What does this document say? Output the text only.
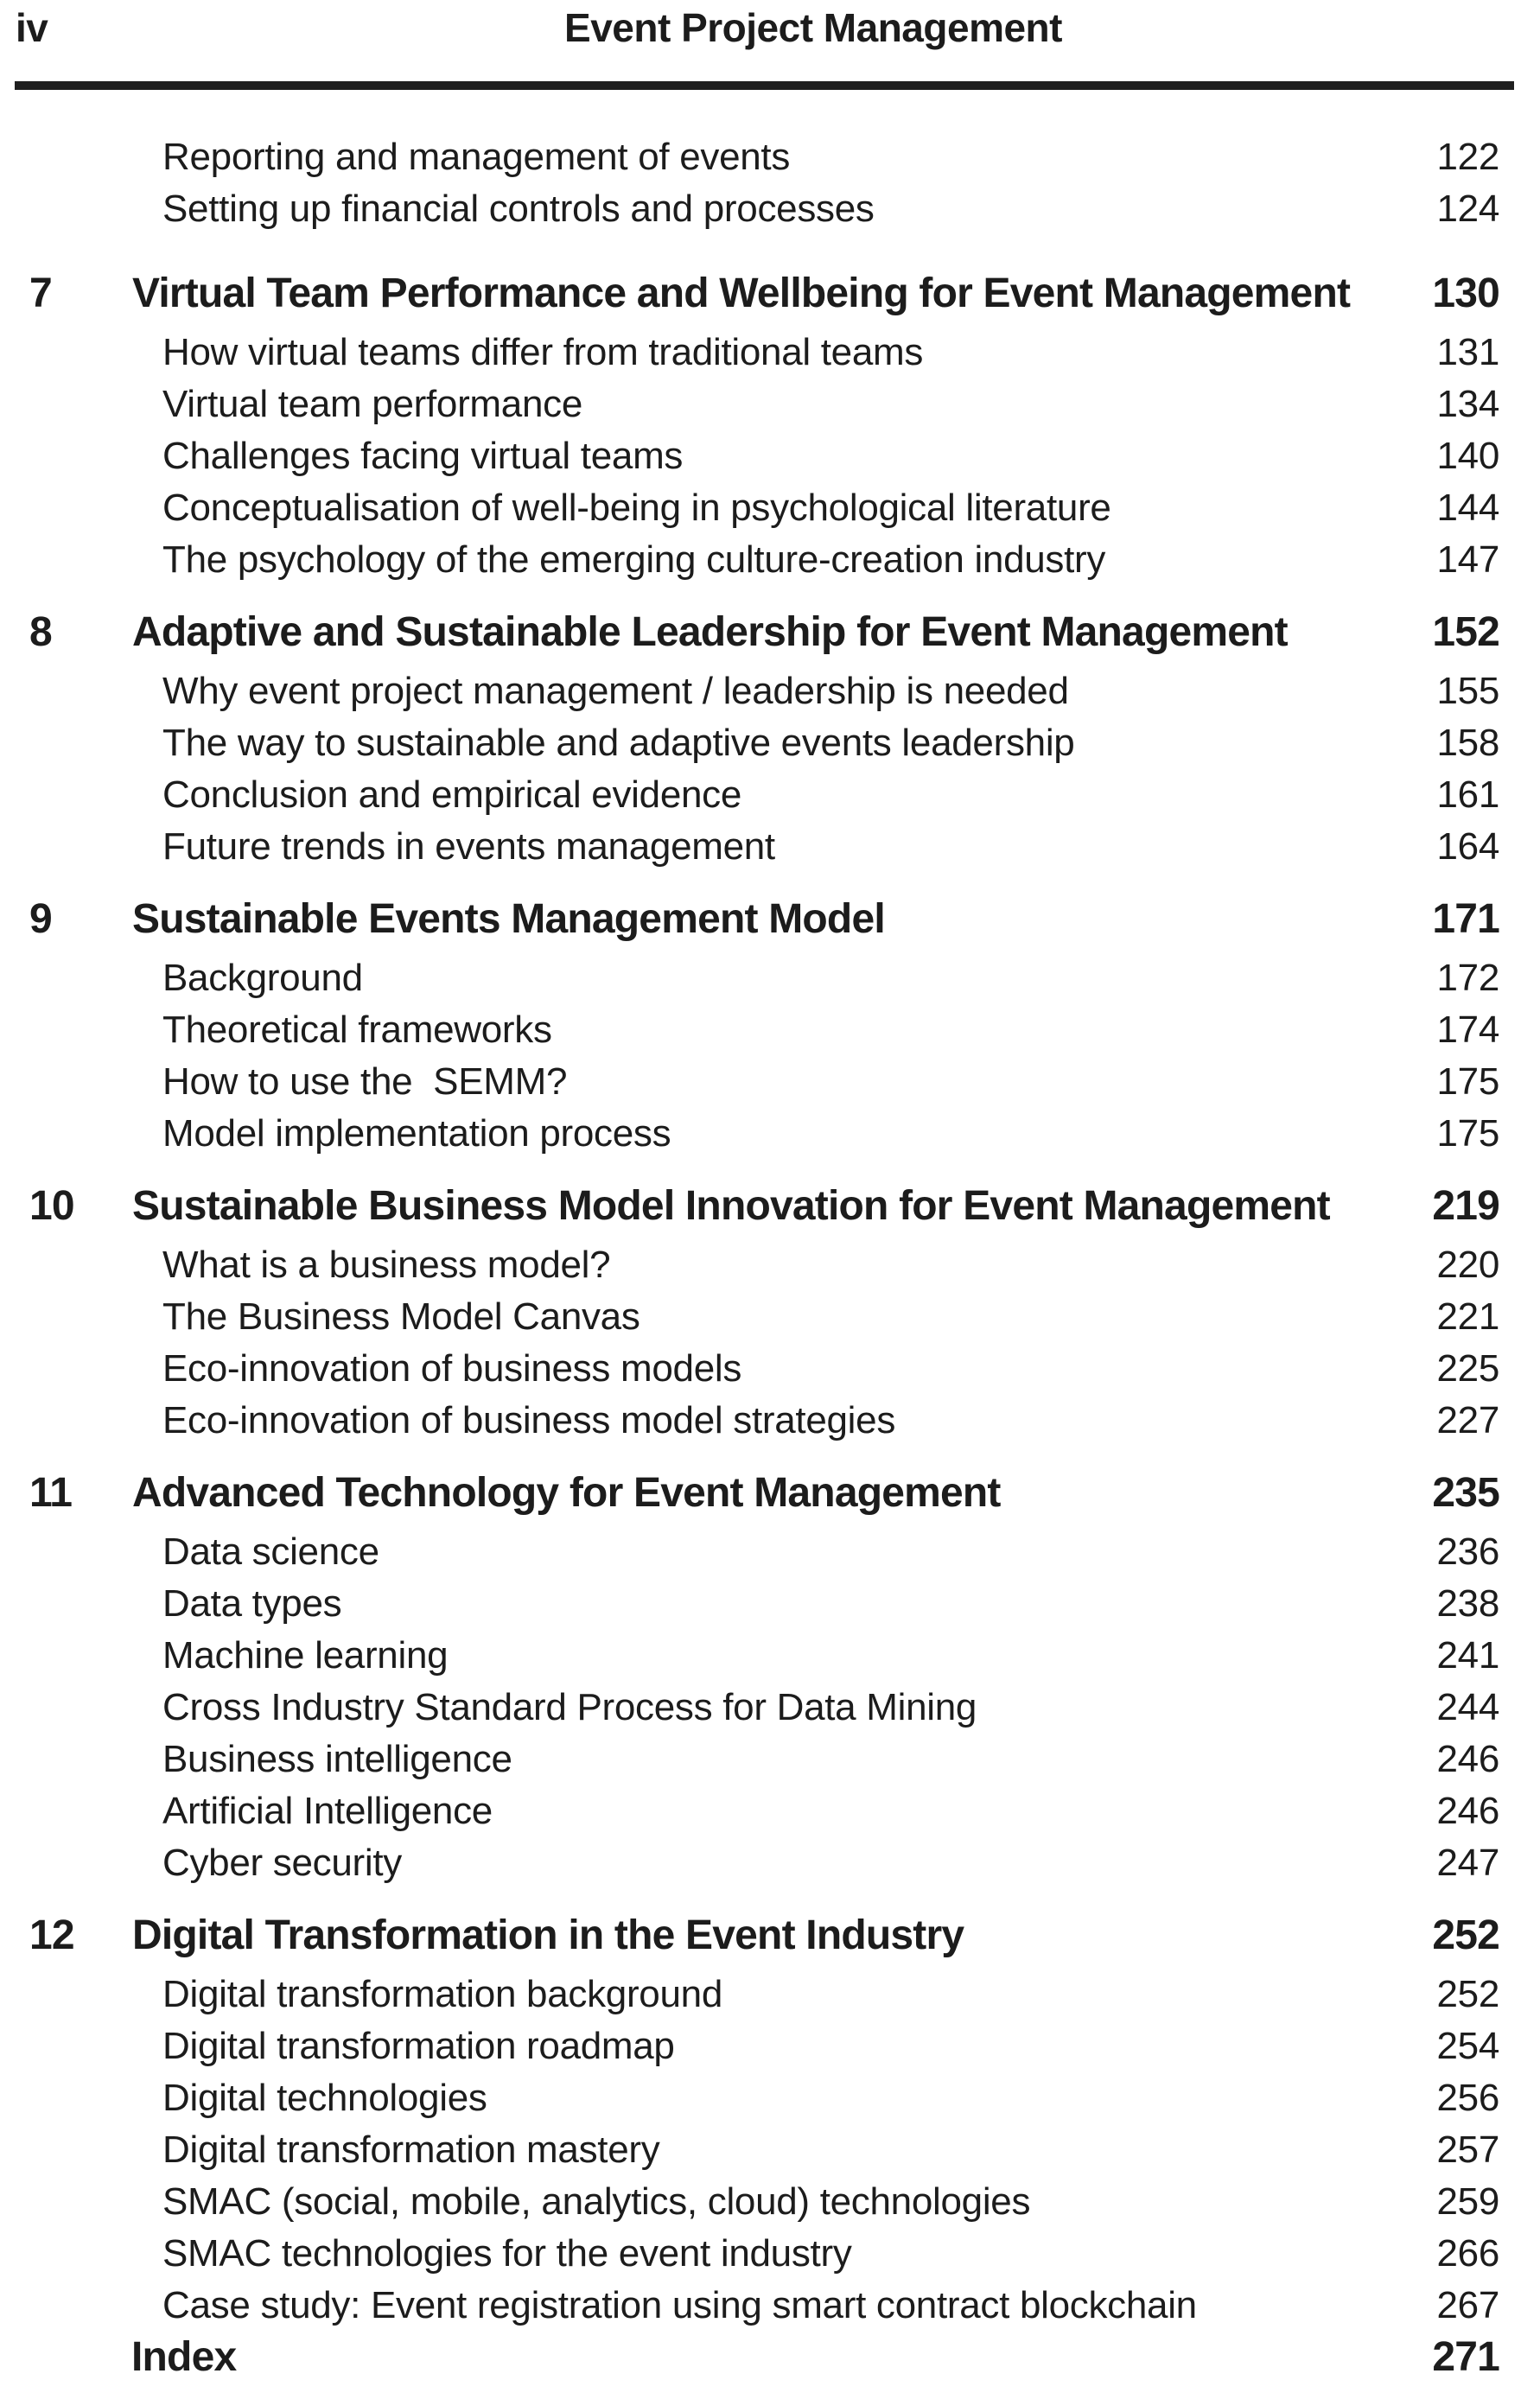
iv	Event Project Management
Reporting and management of events	122
Setting up financial controls and processes	124
7	Virtual Team Performance and Wellbeing for Event Management 130
How virtual teams differ from traditional teams	131
Virtual team performance	134
Challenges facing virtual teams	140
Conceptualisation of well-being in psychological literature	144
The psychology of the emerging culture-creation industry	147
8	Adaptive and Sustainable Leadership for Event Management	152
Why event project management / leadership is needed	155
The way to sustainable and adaptive events leadership	158
Conclusion and empirical evidence	161
Future trends in events management	164
9	Sustainable Events Management Model	171
Background	172
Theoretical frameworks	174
How to use the  SEMM?	175
Model implementation process	175
10	Sustainable Business Model Innovation for Event Management 219
What is a business model?	220
The Business Model Canvas	221
Eco-innovation of business models	225
Eco-innovation of business model strategies	227
11	Advanced Technology for Event Management	235
Data science	236
Data types	238
Machine learning	241
Cross Industry Standard Process for Data Mining	244
Business intelligence	246
Artificial Intelligence	246
Cyber security	247
12	Digital Transformation in the Event Industry	252
Digital transformation background	252
Digital transformation roadmap	254
Digital technologies	256
Digital transformation mastery	257
SMAC (social, mobile, analytics, cloud) technologies	259
SMAC technologies for the event industry	266
Case study: Event registration using smart contract blockchain	267
Index	271
